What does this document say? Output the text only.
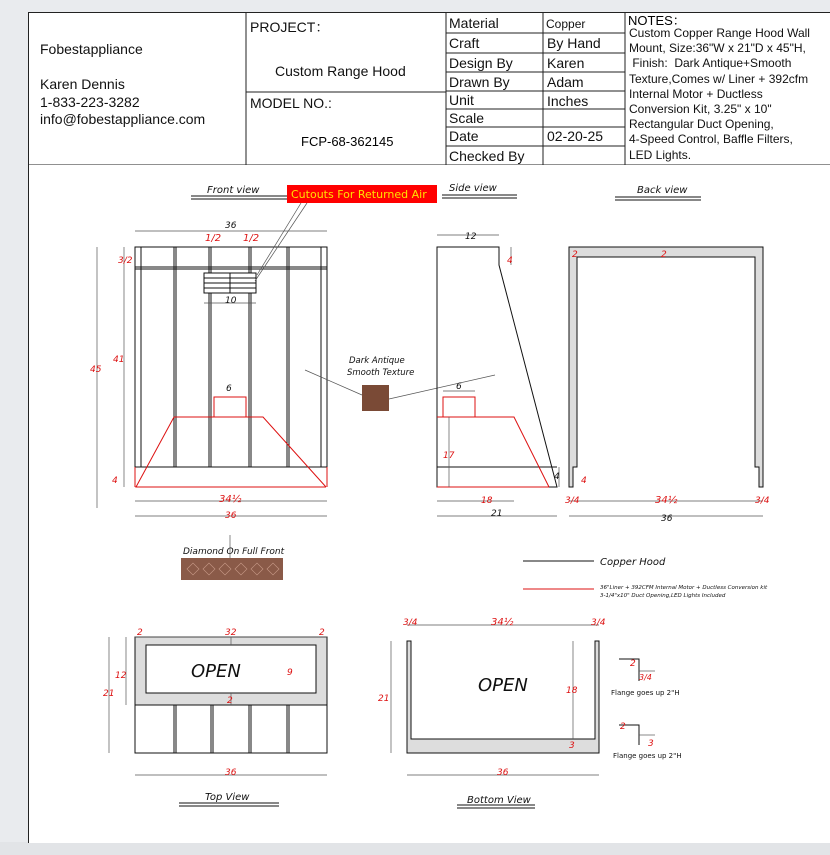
Fobestappliance
Karen Dennis
1-833-223-3282
info@fobestappliance.com
PROJECT：
Custom Range Hood
MODEL NO.:
FCP-68-362145
Material	Copper
Craft	By Hand
Design By Karen
Drawn By	Adam
Unit	Inches
Scale
Date	02-20-25
Checked By
NOTES：
Custom Copper Range Hood Wall
Mount, Size:36"W x 21"D x 45"H,
Finish:  Dark Antique+Smooth
Texture,Comes w/ Liner + 392cfm
Internal Motor + Ductless
Conversion Kit, 3.25" x 10"
Rectangular Duct Opening,
4-Speed Control, Baffle Filters,
LED Lights.
Front view
36
1/2 1/2
3/2
10
41
45
6
4
34½
36
Cutouts For Returned Air
Dark Antique
Smooth Texture
Diamond On Full Front
Side view
12
4
6
17
4
18
21
Back view
2	2
4
3/4	34½	3/4
36
Copper Hood
36"Liner + 392CFM Internal Motor + Ductless Conversion kit
3-1/4"x10" Duct Opening,LED Lights Included
2	32	2
12
21
9
2
OPEN
36
Top View
3/4	34½	3/4
21
18
3
OPEN
36
Bottom View
2
3/4
Flange goes up 2"H
2
3
Flange goes up 2"H
